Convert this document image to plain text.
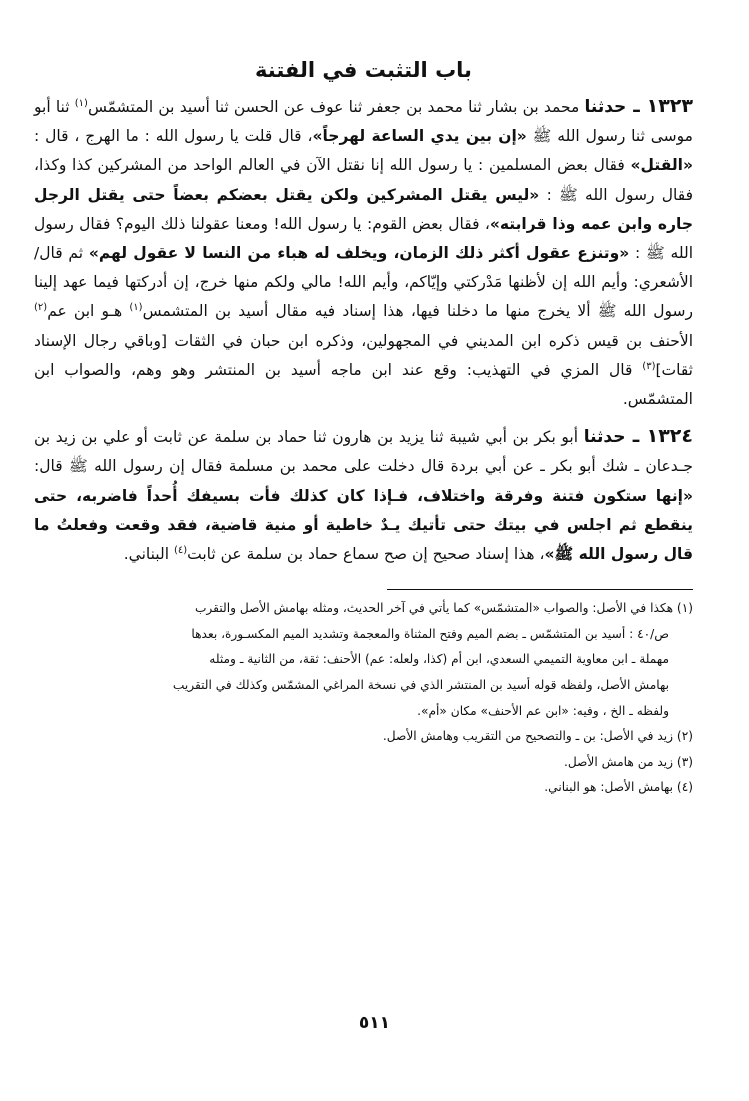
باب التثبت في الفتنة

١٣٢٣ ـ حدثنا محمد بن بشار ثنا محمد بن جعفر ثنا عوف عن الحسن ثنا أسيد بن المتشمّس$^{(١)}$ ثنا أبو موسى ثنا رسول الله ﷺ «إن بين يدي الساعة لهرجاً»، قال قلت يا رسول الله : ما الهرج ، قال : «القتل» فقال بعض المسلمين : يا رسول الله إنا نقتل الآن في العالم الواحد من المشركين كذا وكذا، فقال رسول الله ﷺ : «ليس يقتل المشركين ولكن يقتل بعضكم بعضاً حتى يقتل الرجل جاره وابن عمه وذا قرابته»، فقال بعض القوم: يا رسول الله! ومعنا عقولنا ذلك اليوم؟ فقال رسول الله ﷺ : «وتنزع عقول أكثر ذلك الزمان، ويخلف له هباء من النسا لا عقول لهم» ثم قال/ الأشعري: وأيم الله إن لأظنها مَدْركتي وإيّاكم، وأيم الله! مالي ولكم منها خرج، إن أدركتها فيما عهد إلينا رسول الله ﷺ ألا يخرج منها ما دخلنا فيها، هذا إسناد فيه مقال أسيد بن المتشمس$^{(١)}$ هـو ابن عم$^{(٢)}$ الأحنف بن قيس ذكره ابن المديني في المجهولين، وذكره ابن حبان في الثقات [وباقي رجال الإسناد ثقات]$^{(٣)}$ قال المزي في التهذيب: وقع عند ابن ماجه أسيد بن المنتشر وهو وهم، والصواب ابن المتشمّس.

١٣٢٤ ـ حدثنا أبو بكر بن أبي شيبة ثنا يزيد بن هارون ثنا حماد بن سلمة عن ثابت أو علي بن زيد بن جـدعان ـ شك أبو بكر ـ عن أبي بردة قال دخلت على محمد بن مسلمة فقال إن رسول الله ﷺ قال: «إنها ستكون فتنة وفرقة واختلاف، فـإذا كان كذلك فأت بسيفك أُحداً فاضربه، حتى ينقطع ثم اجلس في بيتك حتى تأتيك يـدٌ خاطية أو منية قاضية، فقد وقعت وفعلتُ ما قال رسول الله ﷺ»، هذا إسناد صحيح إن صح سماع حماد بن سلمة عن ثابت$^{(٤)}$ البناني.

(١) هكذا في الأصل: والصواب «المتشمّس» كما يأتي في آخر الحديث، ومثله بهامش الأصل والتقرب

ص/٤٠ : أسيد بن المتشمّس ـ بضم الميم وفتح المثناة والمعجمة وتشديد الميم المكسـورة، بعدها

مهملة ـ ابن معاوية التميمي السعدي، ابن أم (كذا، ولعله: عم) الأحنف: ثقة، من الثانية ـ ومثله

بهامش الأصل، ولفظه قوله أسيد بن المنتشر الذي في نسخة المراغي المشمّس وكذلك في التقريب

ولفظه ـ الخ ، وفيه: «ابن عم الأحنف» مكان «أم».

(٢) زيد في الأصل: بن ـ والتصحيح من التقريب وهامش الأصل.

(٣) زيد من هامش الأصل.

(٤) بهامش الأصل: هو البناني.

٥١١
